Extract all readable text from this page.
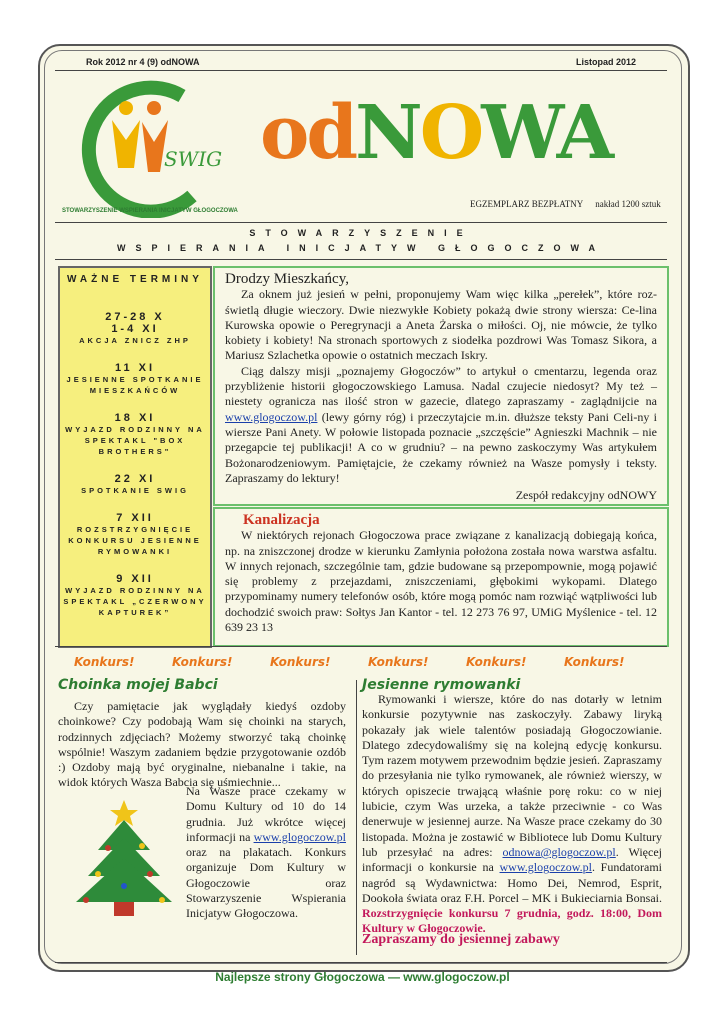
Rok 2012 nr 4 (9) odNOWA	Listopad 2012
SWIG
STOWARZYSZENIE WSPIERANIA INICJATYW GŁOGOCZOWA
odNOWA
EGZEMPLARZ BEZPŁATNY nakład 1200 sztuk
STOWARZYSZENIE
WSPIERANIA INICJATYW GŁOGOCZOWA
WAŻNE TERMINY
27-28 X
1-4 XI
AKCJA ZNICZ ZHP
11 XI
JESIENNE SPOTKANIE MIESZKAŃCÓW
18 XI
WYJAZD RODZINNY NA SPEKTAKL "BOX BROTHERS"
22 XI
SPOTKANIE SWIG
7 XII
ROZSTRZYGNIĘCIE KONKURSU JESIENNE RYMOWANKI
9 XII
WYJAZD RODZINNY NA SPEKTAKL „CZERWONY KAPTUREK”
Drodzy Mieszkańcy,

Za oknem już jesień w pełni, proponujemy Wam więc kilka „perełek”, które roz-świetlą długie wieczory. Dwie niezwykłe Kobiety pokażą dwie strony wiersza: Ce-lina Kurowska opowie o Peregrynacji a Aneta Żarska o miłości. Oj, nie mówcie, że tylko kobiety i kobiety! Na stronach sportowych z siodełka pozdrowi Was Tomasz Sikora, a Mariusz Szlachetka opowie o ostatnich meczach Iskry.

Ciąg dalszy misji „poznajemy Głogoczów” to artykuł o cmentarzu, legenda oraz przybliżenie historii głogoczowskiego Lamusa. Nadal czujecie niedosyt? My też – niestety ogranicza nas ilość stron w gazecie, dlatego zapraszamy - zaglądnijcie na www.glogoczow.pl (lewy górny róg) i przeczytajcie m.in. dłuższe teksty Pani Celi-ny i wiersze Pani Anety. W połowie listopada poznacie „szczęście” Agnieszki Machnik – nie przegapcie tej publikacji! A co w grudniu? – na pewno zaskoczymy Was artykułem Bożonarodzeniowym. Pamiętajcie, że czekamy również na Wasze pomysły i teksty. Zapraszamy do lektury!

Zespół redakcyjny odNOWY

Kanalizacja

W niektórych rejonach Głogoczowa prace związane z kanalizacją dobiegają końca, np. na zniszczonej drodze w kierunku Zamłynia położona została nowa warstwa asfaltu. W innych rejonach, szczególnie tam, gdzie budowane są przepompownie, mogą pojawić się problemy z przejazdami, zniszczeniami, głębokimi wykopami. Dlatego przypominamy numery telefonów osób, które mogą pomóc nam rozwiąć wątpliwości lub dochodzić swoich praw: Sołtys Jan Kantor - tel. 12 273 76 97, UMiG Myślenice - tel. 12 639 23 13

Konkurs!	Konkurs!	Konkurs!	Konkurs!	Konkurs!	Konkurs!
Choinka mojej Babci

Czy pamiętacie jak wyglądały kiedyś ozdoby choinkowe? Czy podobają Wam się choinki na starych, rodzinnych zdjęciach? Możemy stworzyć taką choinkę wspólnie! Waszym zadaniem będzie przygotowanie ozdób :) Ozdoby mają być oryginalne, niebanalne i takie, na widok których Wasza Babcia się uśmiechnie...

Na Wasze prace czekamy w Domu Kultury od 10 do 14 grudnia. Już wkrótce więcej informacji na www.glogoczow.pl oraz na plakatach. Konkurs organizuje Dom Kultury w Głogoczowie oraz Stowarzyszenie Wspierania Inicjatyw Głogoczowa.
Jesienne rymowanki

Rymowanki i wiersze, które do nas dotarły w letnim konkursie pozytywnie nas zaskoczyły. Zabawy liryką pokazały jak wiele talentów posiadają Głogoczowianie. Dlatego zdecydowaliśmy się na kolejną edycję konkursu. Tym razem motywem przewodnim będzie jesień. Zapraszamy do przesyłania nie tylko rymowanek, ale również wierszy, w których opiszecie trwającą właśnie porę roku: co w niej lubicie, czym Was urzeka, a także przeciwnie - co Was denerwuje w jesiennej aurze. Na Wasze prace czekamy do 30 listopada. Można je zostawić w Bibliotece lub Domu Kultury lub przesyłać na adres: odnowa@glogoczow.pl. Więcej informacji o konkursie na www.glogoczow.pl. Fundatorami nagród są Wydawnictwa: Homo Dei, Nemrod, Esprit, Dookoła świata oraz F.H. Porcel – MK i Bukieciarnia Bonsai. Rozstrzygnięcie konkursu 7 grudnia, godz. 18:00, Dom Kultury w Głogoczowie.

Zapraszamy do jesiennej zabawy
Najlepsze strony Głogoczowa — www.glogoczow.pl
